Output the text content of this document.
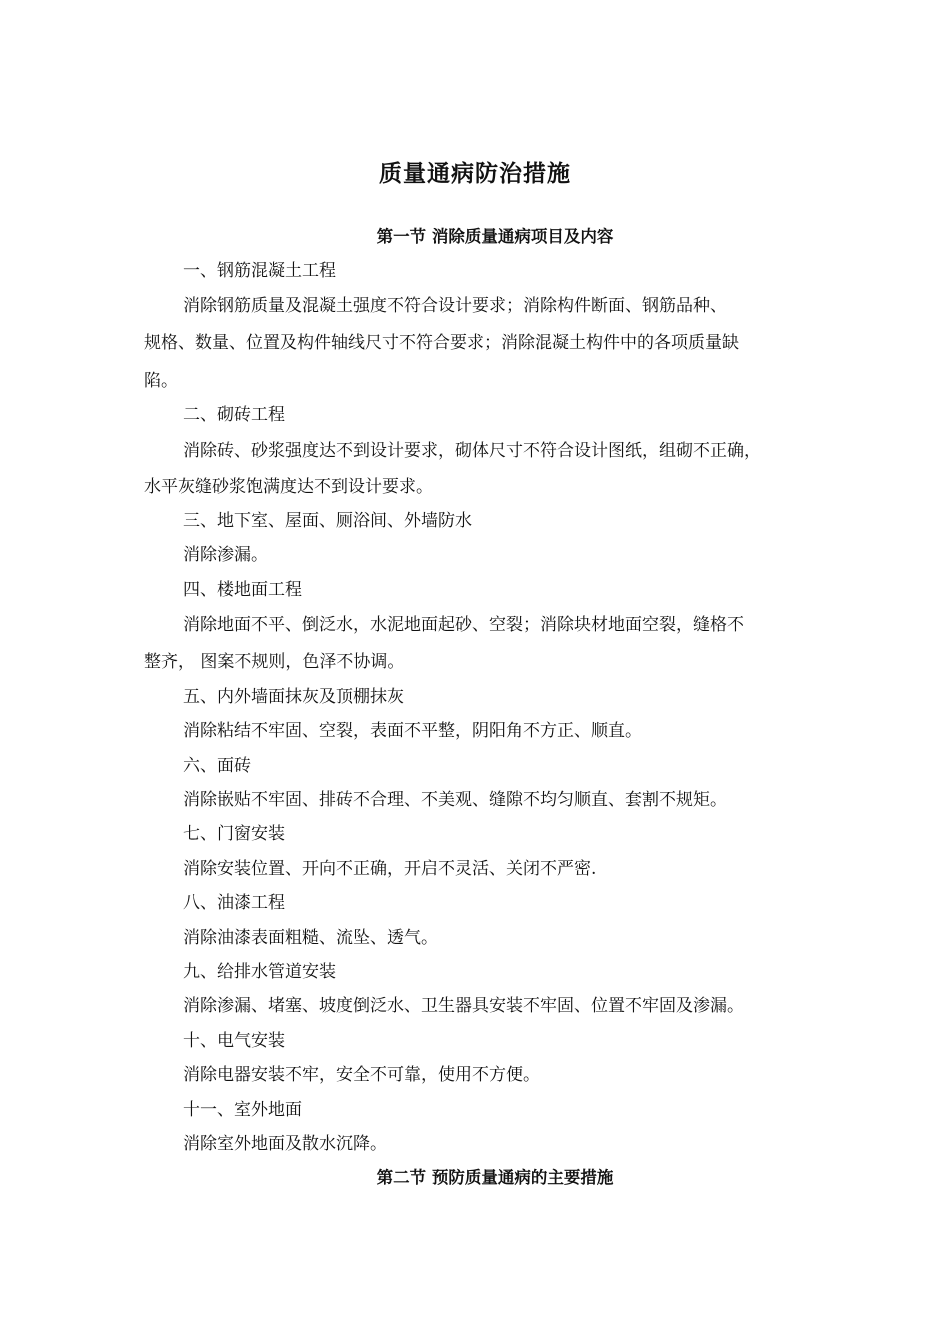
质量通病防治措施
第一节 消除质量通病项目及内容
一、钢筋混凝土工程
消除钢筋质量及混凝土强度不符合设计要求；消除构件断面、钢筋品种、
规格、数量、位置及构件轴线尺寸不符合要求；消除混凝土构件中的各项质量缺
陷。
二、砌砖工程
消除砖、砂浆强度达不到设计要求，砌体尺寸不符合设计图纸，组砌不正确，
水平灰缝砂浆饱满度达不到设计要求。
三、地下室、屋面、厕浴间、外墙防水
消除渗漏。
四、楼地面工程
消除地面不平、倒泛水，水泥地面起砂、空裂；消除块材地面空裂，缝格不
整齐， 图案不规则，色泽不协调。
五、内外墙面抹灰及顶棚抹灰
消除粘结不牢固、空裂，表面不平整，阴阳角不方正、顺直。
六、面砖
消除嵌贴不牢固、排砖不合理、不美观、缝隙不均匀顺直、套割不规矩。
七、门窗安装
消除安装位置、开向不正确，开启不灵活、关闭不严密.
八、油漆工程
消除油漆表面粗糙、流坠、透气。
九、给排水管道安装
消除渗漏、堵塞、坡度倒泛水、卫生器具安装不牢固、位置不牢固及渗漏。
十、电气安装
消除电器安装不牢，安全不可靠，使用不方便。
十一、室外地面
消除室外地面及散水沉降。
第二节 预防质量通病的主要措施
